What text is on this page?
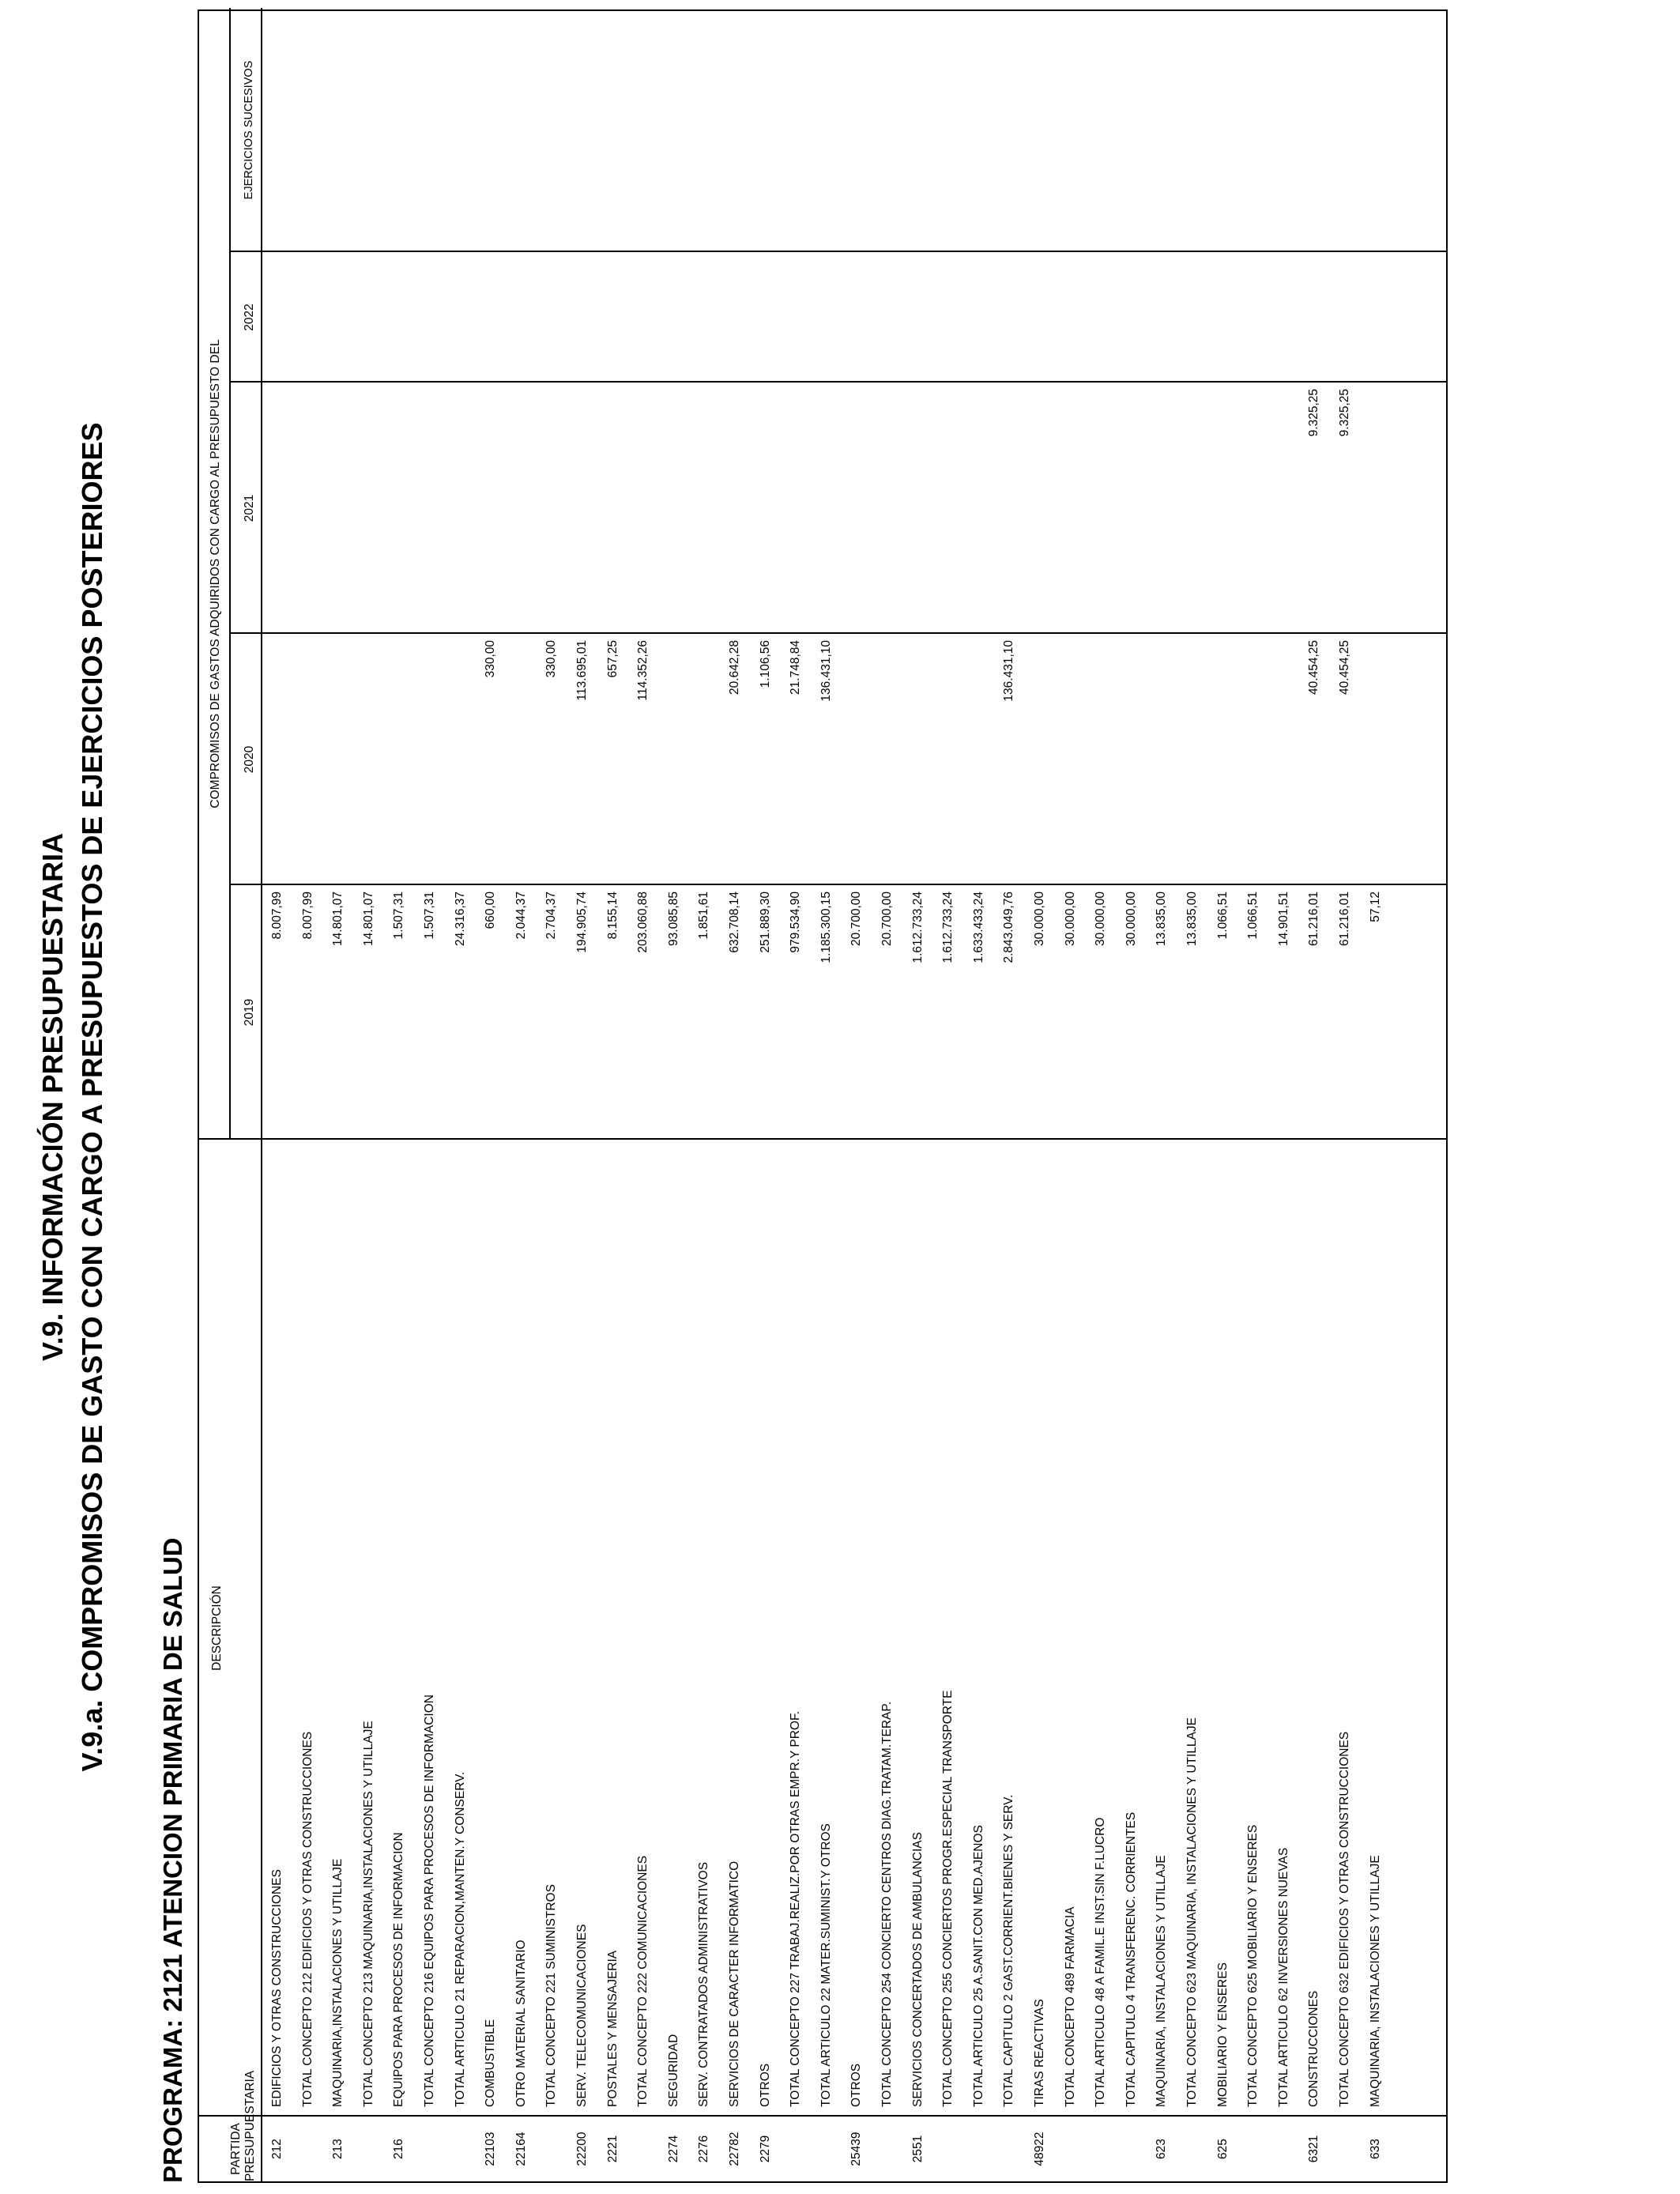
V.9. INFORMACIÓN PRESUPUESTARIA V.9.a. COMPROMISOS DE GASTO CON CARGO A PRESUPUESTOS DE EJERCICIOS POSTERIORES
PROGRAMA: 2121 ATENCION PRIMARIA DE SALUD	PARTIDA PRESUPUESTARIA
DESCRIPCIÓN
COMPROMISOS DE GASTOS ADQUIRIDOS CON CARGO AL PRESUPUESTO DEL
2019
2020
2021
2022
EJERCICIOS SUCESIVOS
212
EDIFICIOS Y OTRAS CONSTRUCCIONES
8.007,99
TOTAL CONCEPTO 212 EDIFICIOS Y OTRAS CONSTRUCCIONES
8.007,99
213
MAQUINARIA,INSTALACIONES Y UTILLAJE
14.801,07
TOTAL CONCEPTO 213 MAQUINARIA,INSTALACIONES Y UTILLAJE
14.801,07
216
EQUIPOS PARA PROCESOS DE INFORMACION
1.507,31
TOTAL CONCEPTO 216 EQUIPOS PARA PROCESOS DE INFORMACION
1.507,31
TOTAL ARTICULO 21 REPARACION,MANTEN.Y CONSERV.
24.316,37
22103
COMBUSTIBLE
660,00
330,00
22164
OTRO MATERIAL SANITARIO
2.044,37
TOTAL CONCEPTO 221 SUMINISTROS
2.704,37
330,00
22200
SERV. TELECOMUNICACIONES
194.905,74
113.695,01
2221
POSTALES Y MENSAJERIA
8.155,14
657,25
TOTAL CONCEPTO 222 COMUNICACIONES
203.060,88
114.352,26
2274
SEGURIDAD
93.085,85
2276
SERV. CONTRATADOS ADMINISTRATIVOS
1.851,61
22782
SERVICIOS DE CARACTER INFORMATICO
632.708,14
20.642,28
2279
OTROS
251.889,30
1.106,56
TOTAL CONCEPTO 227 TRABAJ.REALIZ.POR OTRAS EMPR.Y PROF.
979.534,90
21.748,84
TOTAL ARTICULO 22 MATER.SUMINIST.Y OTROS
1.185.300,15
136.431,10
25439
OTROS
20.700,00
TOTAL CONCEPTO 254 CONCIERTO CENTROS DIAG.TRATAM.TERAP.
20.700,00
2551
SERVICIOS CONCERTADOS DE AMBULANCIAS
1.612.733,24
TOTAL CONCEPTO 255 CONCIERTOS PROGR.ESPECIAL TRANSPORTE
1.612.733,24
TOTAL ARTICULO 25 A.SANIT.CON MED.AJENOS
1.633.433,24
TOTAL CAPITULO 2 GAST.CORRIENT.BIENES Y SERV.
2.843.049,76
136.431,10
48922
TIRAS REACTIVAS
30.000,00
TOTAL CONCEPTO 489 FARMACIA
30.000,00
TOTAL ARTICULO 48 A FAMIL.E INST.SIN F.LUCRO
30.000,00
TOTAL CAPITULO 4 TRANSFERENC. CORRIENTES
30.000,00
623
MAQUINARIA, INSTALACIONES Y UTILLAJE
13.835,00
TOTAL CONCEPTO 623 MAQUINARIA, INSTALACIONES Y UTILLAJE
13.835,00
625
MOBILIARIO Y ENSERES
1.066,51
TOTAL CONCEPTO 625 MOBILIARIO Y ENSERES
1.066,51
TOTAL ARTICULO 62 INVERSIONES NUEVAS
14.901,51
6321
CONSTRUCCIONES
61.216,01
40.454,25
9.325,25
TOTAL CONCEPTO 632 EDIFICIOS Y OTRAS CONSTRUCCIONES
61.216,01
40.454,25
9.325,25
633
MAQUINARIA, INSTALACIONES Y UTILLAJE
57,12
